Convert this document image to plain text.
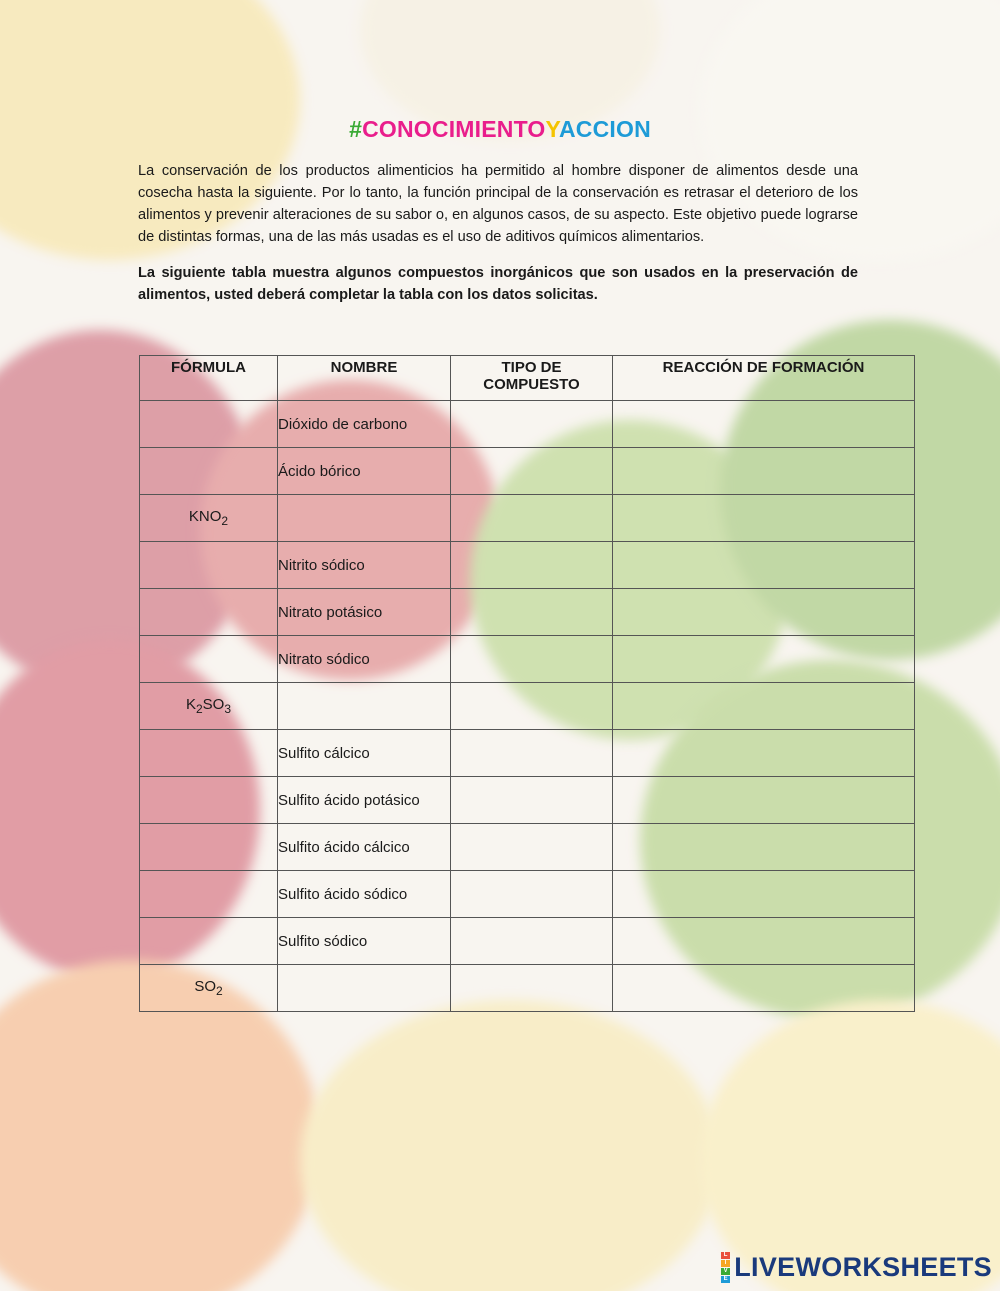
#CONOCIMIENTOYACCION

La conservación de los productos alimenticios ha permitido al hombre disponer de alimentos desde una cosecha hasta la siguiente. Por lo tanto, la función principal de la conservación es retrasar el deterioro de los alimentos y prevenir alteraciones de su sabor o, en algunos casos, de su aspecto. Este objetivo puede lograrse de distintas formas, una de las más usadas es el uso de aditivos químicos alimentarios.

La siguiente tabla muestra algunos compuestos inorgánicos que son usados en la preservación de alimentos, usted deberá completar la tabla con los datos solicitas.

FÓRMULA	NOMBRE	TIPO DE COMPUESTO	REACCIÓN DE FORMACIÓN
	Dióxido de carbono		
	Ácido bórico		
$KNO_2$			
	Nitrito sódico		
	Nitrato potásico		
	Nitrato sódico		
$K_2SO_3$			
	Sulfito cálcico		
	Sulfito ácido potásico		
	Sulfito ácido cálcico		
	Sulfito ácido sódico		
	Sulfito sódico		
$SO_2$			
L
I
V
E LIVEWORKSHEETS
